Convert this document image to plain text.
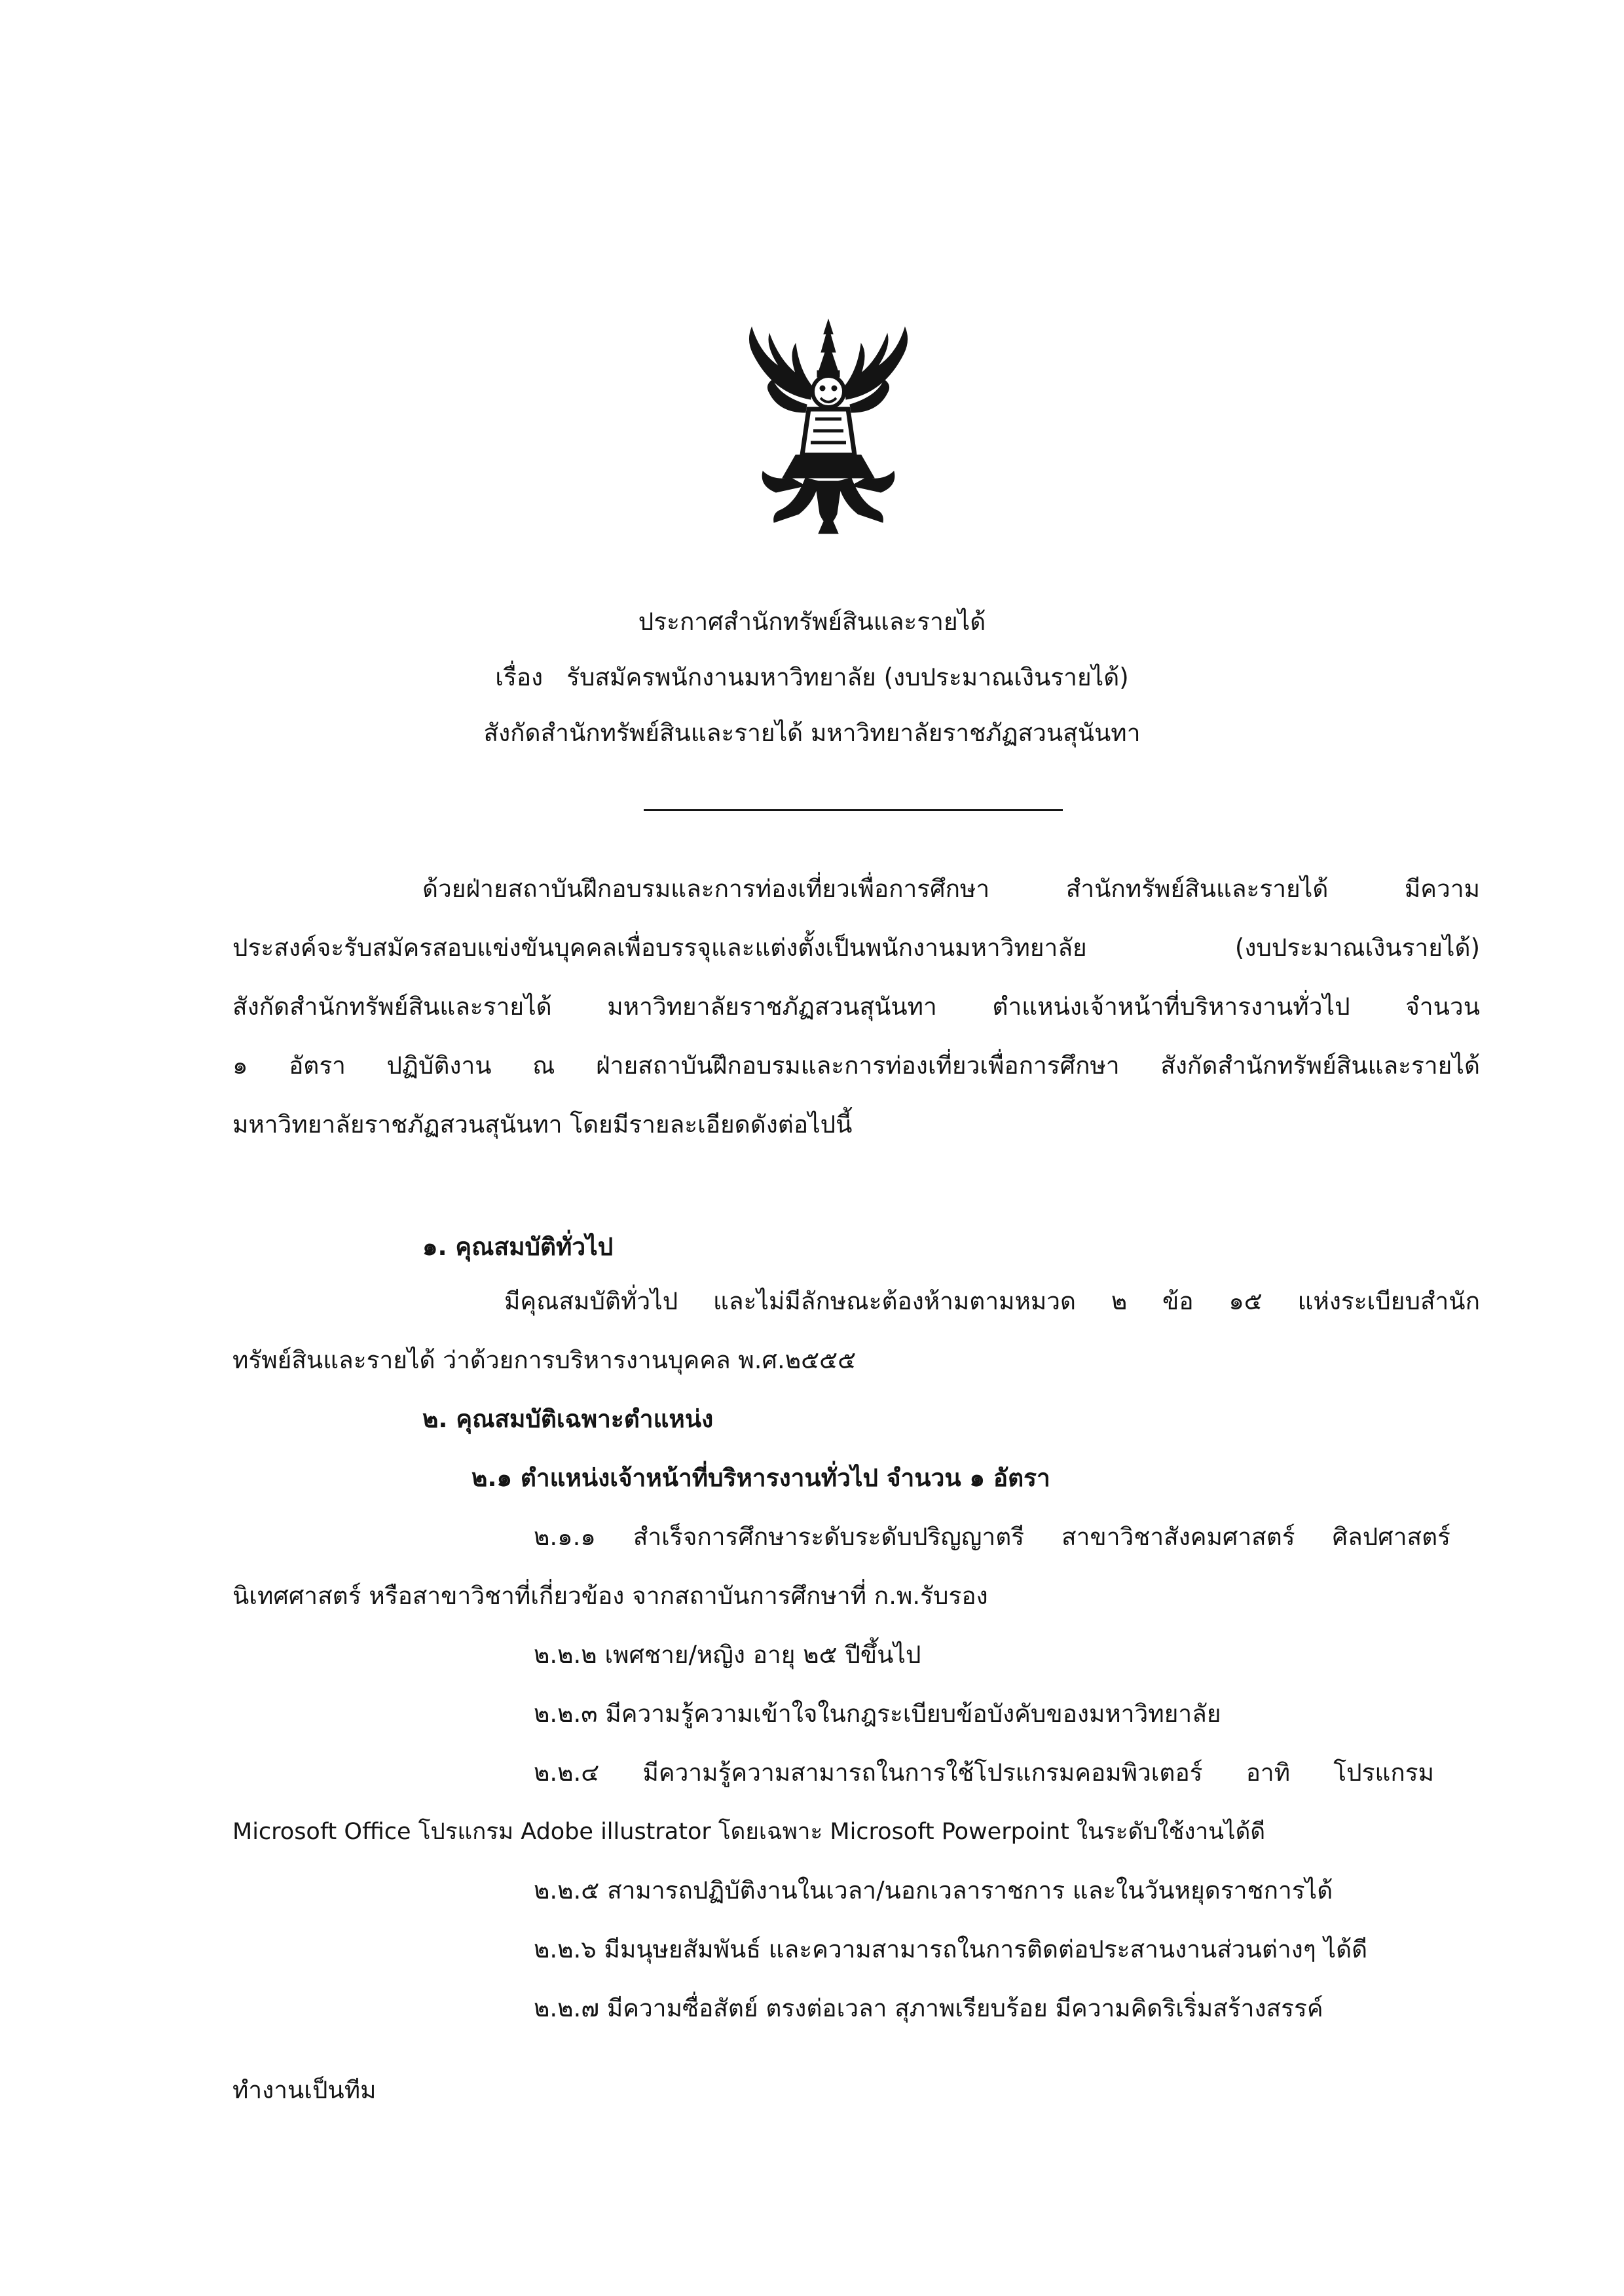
ประกาศสำนักทรัพย์สินและรายได้
เรื่อง รับสมัครพนักงานมหาวิทยาลัย (งบประมาณเงินรายได้)
สังกัดสำนักทรัพย์สินและรายได้ มหาวิทยาลัยราชภัฏสวนสุนันทา
ด้วยฝ่ายสถาบันฝึกอบรมและการท่องเที่ยวเพื่อการศึกษา สำนักทรัพย์สินและรายได้ มีความ
ประสงค์จะรับสมัครสอบแข่งขันบุคคลเพื่อบรรจุและแต่งตั้งเป็นพนักงานมหาวิทยาลัย (งบประมาณเงินรายได้)
สังกัดสำนักทรัพย์สินและรายได้ มหาวิทยาลัยราชภัฏสวนสุนันทา ตำแหน่งเจ้าหน้าที่บริหารงานทั่วไป จำนวน
๑ อัตรา ปฏิบัติงาน ณ ฝ่ายสถาบันฝึกอบรมและการท่องเที่ยวเพื่อการศึกษา สังกัดสำนักทรัพย์สินและรายได้
มหาวิทยาลัยราชภัฏสวนสุนันทา โดยมีรายละเอียดดังต่อไปนี้
๑. คุณสมบัติทั่วไป
มีคุณสมบัติทั่วไป และไม่มีลักษณะต้องห้ามตามหมวด ๒ ข้อ ๑๕ แห่งระเบียบสำนัก
ทรัพย์สินและรายได้ ว่าด้วยการบริหารงานบุคคล พ.ศ.๒๕๕๕
๒. คุณสมบัติเฉพาะตำแหน่ง
๒.๑ ตำแหน่งเจ้าหน้าที่บริหารงานทั่วไป จำนวน ๑ อัตรา
๒.๑.๑ สำเร็จการศึกษาระดับระดับปริญญาตรี สาขาวิชาสังคมศาสตร์ ศิลปศาสตร์
นิเทศศาสตร์ หรือสาขาวิชาที่เกี่ยวข้อง จากสถาบันการศึกษาที่ ก.พ.รับรอง
๒.๒.๒ เพศชาย/หญิง อายุ ๒๕ ปีขึ้นไป
๒.๒.๓ มีความรู้ความเข้าใจในกฎระเบียบข้อบังคับของมหาวิทยาลัย
๒.๒.๔ มีความรู้ความสามารถในการใช้โปรแกรมคอมพิวเตอร์ อาทิ โปรแกรม
Microsoft Office โปรแกรม Adobe illustrator โดยเฉพาะ Microsoft Powerpoint ในระดับใช้งานได้ดี
๒.๒.๕ สามารถปฏิบัติงานในเวลา/นอกเวลาราชการ และในวันหยุดราชการได้
๒.๒.๖ มีมนุษยสัมพันธ์ และความสามารถในการติดต่อประสานงานส่วนต่างๆ ได้ดี
๒.๒.๗ มีความซื่อสัตย์ ตรงต่อเวลา สุภาพเรียบร้อย มีความคิดริเริ่มสร้างสรรค์
ทำงานเป็นทีม
